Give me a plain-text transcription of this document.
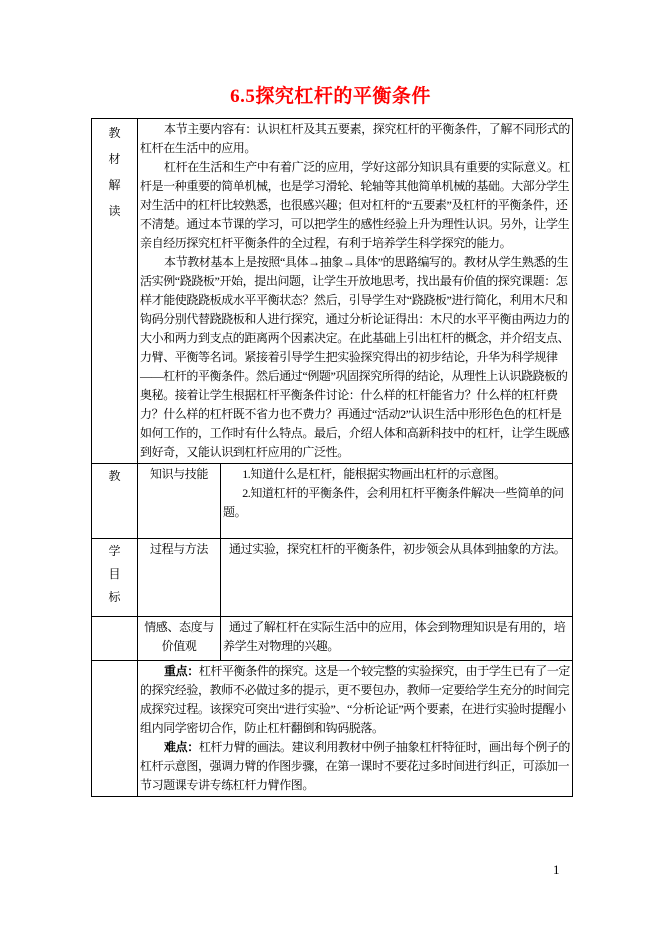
6.5探究杠杆的平衡条件
教材解读	本节主要内容有：认识杠杆及其五要素，探究杠杆的平衡条件，了解不同形式的杠杆在生活中的应用。

杠杆在生活和生产中有着广泛的应用，学好这部分知识具有重要的实际意义。杠杆是一种重要的简单机械，也是学习滑轮、轮轴等其他简单机械的基础。大部分学生对生活中的杠杆比较熟悉，也很感兴趣；但对杠杆的“五要素”及杠杆的平衡条件，还不清楚。通过本节课的学习，可以把学生的感性经验上升为理性认识。另外，让学生亲自经历探究杠杆平衡条件的全过程，有利于培养学生科学探究的能力。

本节教材基本上是按照“具体→抽象→具体”的思路编写的。教材从学生熟悉的生活实例“跷跷板”开始，提出问题，让学生开放地思考，找出最有价值的探究课题：怎样才能使跷跷板成水平平衡状态？然后，引导学生对“跷跷板”进行简化，利用木尺和钩码分别代替跷跷板和人进行探究，通过分析论证得出：木尺的水平平衡由两边力的大小和两力到支点的距离两个因素决定。在此基础上引出杠杆的概念，并介绍支点、力臂、平衡等名词。紧接着引导学生把实验探究得出的初步结论，升华为科学规律——杠杆的平衡条件。然后通过“例题”巩固探究所得的结论，从理性上认识跷跷板的奥秘。接着让学生根据杠杆平衡条件讨论：什么样的杠杆能省力？什么样的杠杆费力？什么样的杠杆既不省力也不费力？再通过“活动2”认识生活中形形色色的杠杆是如何工作的，工作时有什么特点。最后，介绍人体和高新科技中的杠杆，让学生既感到好奇，又能认识到杠杆应用的广泛性。	

教	知识与技能	1.知道什么是杠杆，能根据实物画出杠杆的示意图。

2.知道杠杆的平衡条件，会利用杠杆平衡条件解决一些简单的问题。

学目标	过程与方法	通过实验，探究杠杆的平衡条件，初步领会从具体到抽象的方法。

	情感、态度与价值观	通过了解杠杆在实际生活中的应用，体会到物理知识是有用的，培养学生对物理的兴趣。

	重点：杠杆平衡条件的探究。这是一个较完整的实验探究，由于学生已有了一定的探究经验，教师不必做过多的提示，更不要包办，教师一定要给学生充分的时间完成探究过程。该探究可突出“进行实验”、“分析论证”两个要素，在进行实验时提醒小组内同学密切合作，防止杠杆翻倒和钩码脱落。

难点：杠杆力臂的画法。建议利用教材中例子抽象杠杆特征时，画出每个例子的杠杆示意图，强调力臂的作图步骤，在第一课时不要花过多时间进行纠正，可添加一节习题课专讲专练杠杆力臂作图。	

1
